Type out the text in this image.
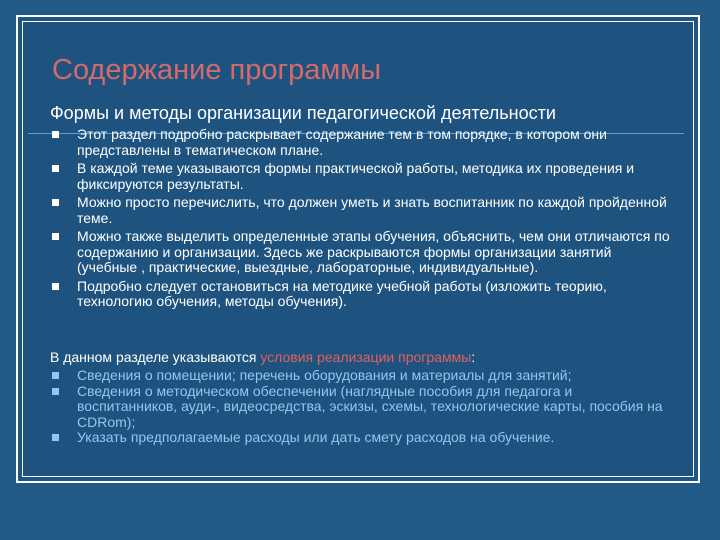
Содержание программы
Формы и методы организации педагогической деятельности
Этот раздел подробно раскрывает содержание тем в том порядке, в котором они представлены в тематическом плане.
В каждой теме указываются формы практической работы, методика их проведения и фиксируются результаты.
Можно просто перечислить, что должен уметь и знать воспитанник по каждой пройденной теме.
Можно также выделить определенные этапы обучения, объяснить, чем они отличаются по содержанию и организации. Здесь же раскрываются формы организации занятий (учебные , практические, выездные, лабораторные, индивидуальные).
Подробно следует остановиться на методике учебной работы (изложить теорию, технологию обучения, методы обучения).
В данном разделе указываются условия реализации программы:
Сведения о помещении; перечень оборудования и материалы для занятий;
Сведения о методическом обеспечении (наглядные пособия для педагога и воспитанников, ауди-, видеосредства, эскизы, схемы, технологические карты, пособия на CDRom);
Указать предполагаемые расходы или дать смету расходов на обучение.
